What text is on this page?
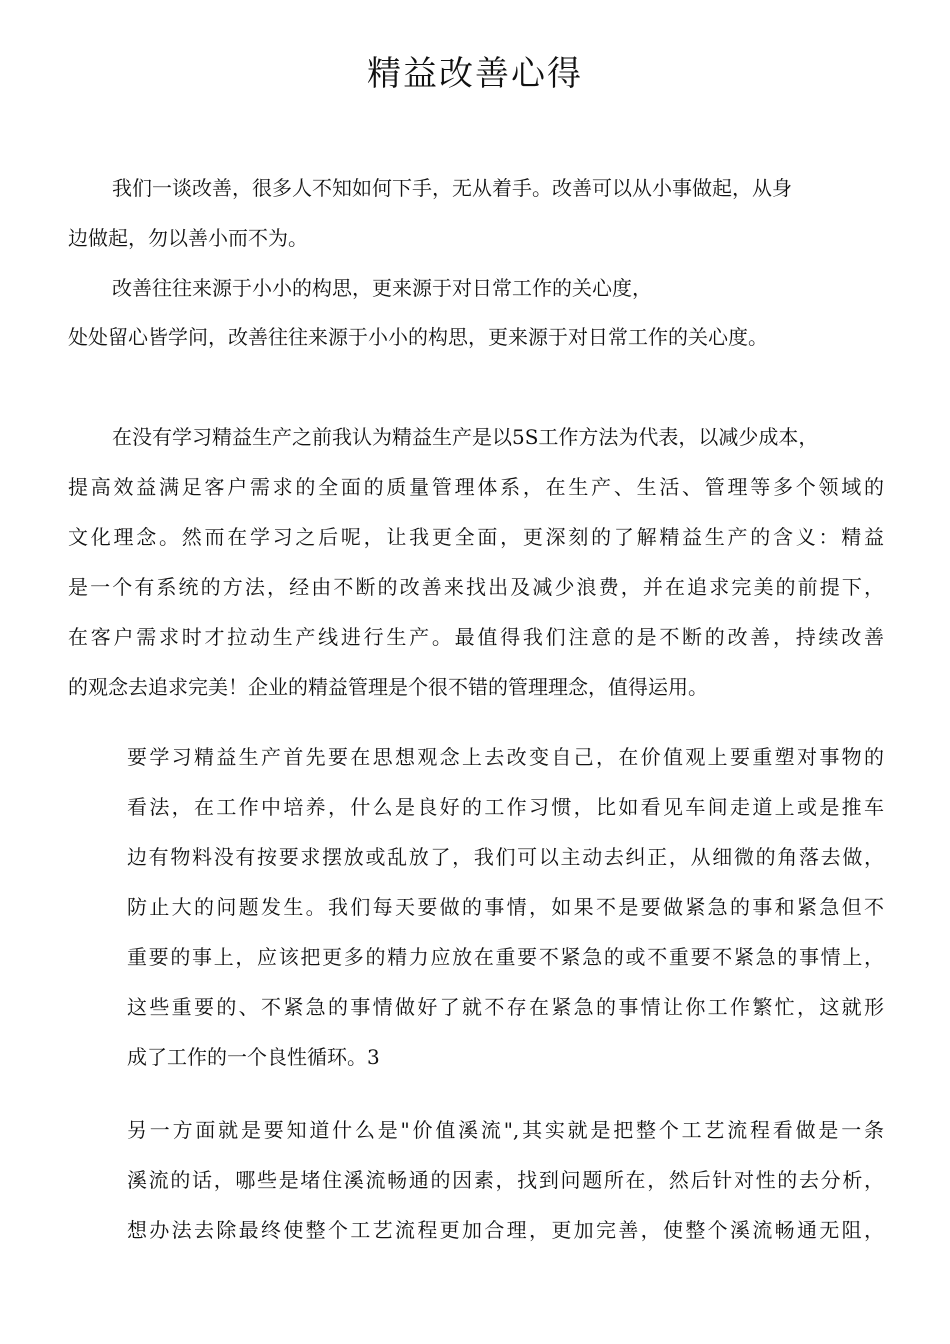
精益改善心得

我们一谈改善，很多人不知如何下手，无从着手。改善可以从小事做起，从身

边做起，勿以善小而不为。

改善往往来源于小小的构思，更来源于对日常工作的关心度，

处处留心皆学问，改善往往来源于小小的构思，更来源于对日常工作的关心度。

在没有学习精益生产之前我认为精益生产是以5S工作方法为代表，以减少成本，

提高效益满足客户需求的全面的质量管理体系，在生产、生活、管理等多个领域的

文化理念。然而在学习之后呢，让我更全面，更深刻的了解精益生产的含义：精益

是一个有系统的方法，经由不断的改善来找出及减少浪费，并在追求完美的前提下，

在客户需求时才拉动生产线进行生产。最值得我们注意的是不断的改善，持续改善

的观念去追求完美！企业的精益管理是个很不错的管理理念，值得运用。

要学习精益生产首先要在思想观念上去改变自己，在价值观上要重塑对事物的

看法，在工作中培养，什么是良好的工作习惯，比如看见车间走道上或是推车

边有物料没有按要求摆放或乱放了，我们可以主动去纠正，从细微的角落去做，

防止大的问题发生。我们每天要做的事情，如果不是要做紧急的事和紧急但不

重要的事上，应该把更多的精力应放在重要不紧急的或不重要不紧急的事情上，

这些重要的、不紧急的事情做好了就不存在紧急的事情让你工作繁忙，这就形

成了工作的一个良性循环。3

另一方面就是要知道什么是"价值溪流",其实就是把整个工艺流程看做是一条

溪流的话，哪些是堵住溪流畅通的因素，找到问题所在，然后针对性的去分析，

想办法去除最终使整个工艺流程更加合理，更加完善，使整个溪流畅通无阻，
